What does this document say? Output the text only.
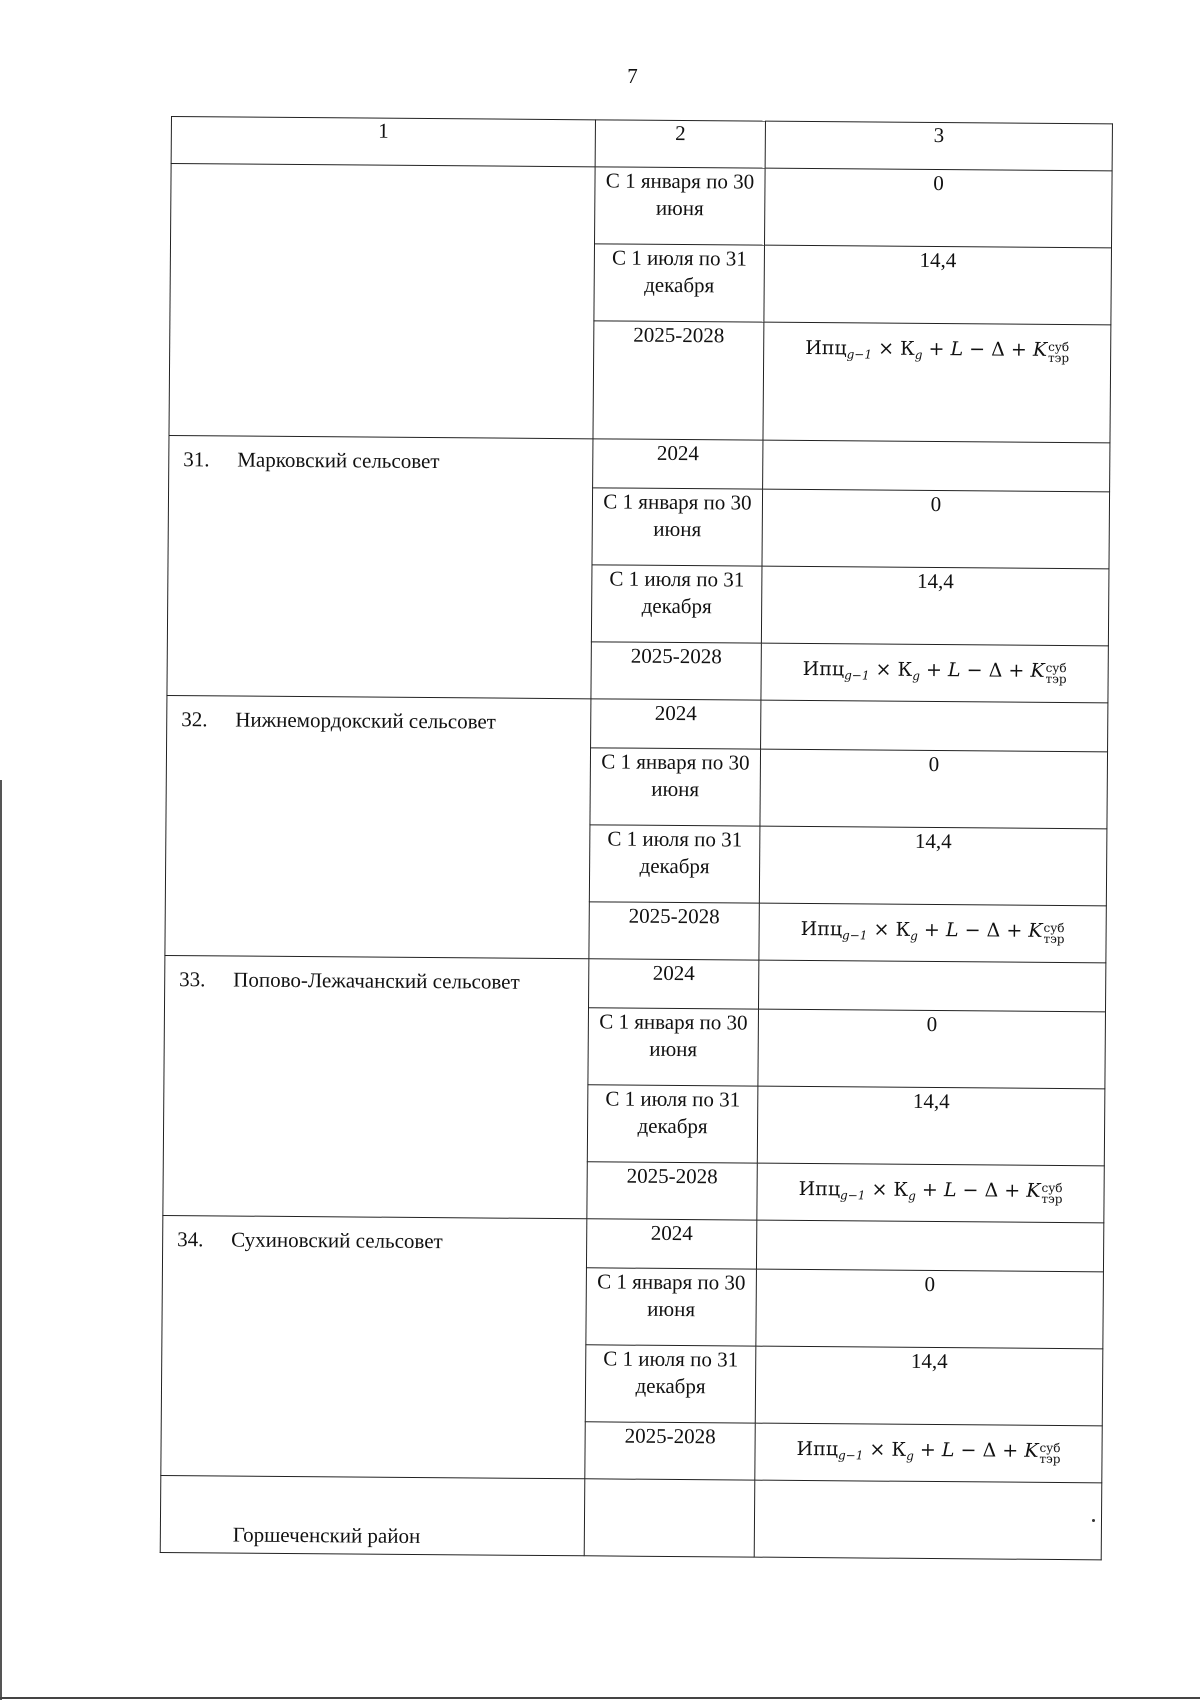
7
1	2	3
	С 1 января по 30 июня	0
	С 1 июля по 31 декабря	14,4
	2025-2028	$Ипц_{g-1} \times К_g + L - \Delta + K$ суб
тэр

31. Марковский сельсовет	2024	
	С 1 января по 30 июня	0
	С 1 июля по 31 декабря	14,4
	2025-2028	$Ипц_{g-1} \times К_g + L - \Delta + K$ суб
тэр

32. Нижнемордокский сельсовет	2024	
	С 1 января по 30 июня	0
	С 1 июля по 31 декабря	14,4
	2025-2028	$Ипц_{g-1} \times К_g + L - \Delta + K$ суб
тэр

33. Попово-Лежачанский сельсовет	2024	
	С 1 января по 30 июня	0
	С 1 июля по 31 декабря	14,4
	2025-2028	$Ипц_{g-1} \times К_g + L - \Delta + K$ суб
тэр

34. Сухиновский сельсовет	2024	
	С 1 января по 30 июня	0
	С 1 июля по 31 декабря	14,4
	2025-2028	$Ипц_{g-1} \times К_g + L - \Delta + K$ суб
тэр

Горшеченский район		
